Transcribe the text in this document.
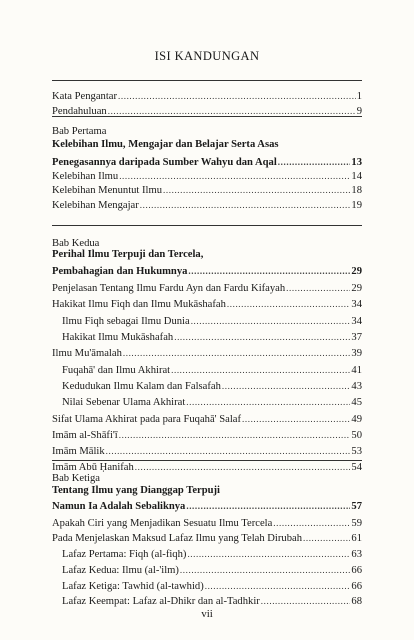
ISI KANDUNGAN
Kata Pengantar .....	1
Pendahuluan .....	9
Bab Pertama
Kelebihan Ilmu, Mengajar dan Belajar Serta Asas
Penegasannya daripada Sumber Wahyu dan Aqal .....	13
Kelebihan Ilmu .....	14
Kelebihan Menuntut Ilmu .....	18
Kelebihan Mengajar .....	19
Bab Kedua
Perihal Ilmu Terpuji dan Tercela,
Pembahagian dan Hukumnya .....	29
Penjelasan Tentang Ilmu Fardu Ayn dan Fardu Kifayah .....	29
Hakikat Ilmu Fiqh dan Ilmu Mukāshafah .....	34
Ilmu Fiqh sebagai Ilmu Dunia .....	34
Hakikat Ilmu Mukāshafah .....	37
Ilmu Mu'āmalah .....	39
Fuqahā' dan Ilmu Akhirat .....	41
Kedudukan Ilmu Kalam dan Falsafah .....	43
Nilai Sebenar Ulama Akhirat .....	45
Sifat Ulama Akhirat pada para Fuqahā' Salaf .....	49
Imām al-Shāfi'ī .....	50
Imām Mālik .....	53
Imām Abū Ḥanifah .....	54
Bab Ketiga
Tentang Ilmu yang Dianggap Terpuji
Namun Ia Adalah Sebaliknya .....	57
Apakah Ciri yang Menjadikan Sesuatu Ilmu Tercela .....	59
Pada Menjelaskan Maksud Lafaz Ilmu yang Telah Dirubah .....	61
Lafaz Pertama: Fiqh (al-fiqh) .....	63
Lafaz Kedua: Ilmu (al-'ilm) .....	66
Lafaz Ketiga: Tawhid (al-tawhid) .....	66
Lafaz Keempat: Lafaz al-Dhikr dan al-Tadhkir .....	68
vii
